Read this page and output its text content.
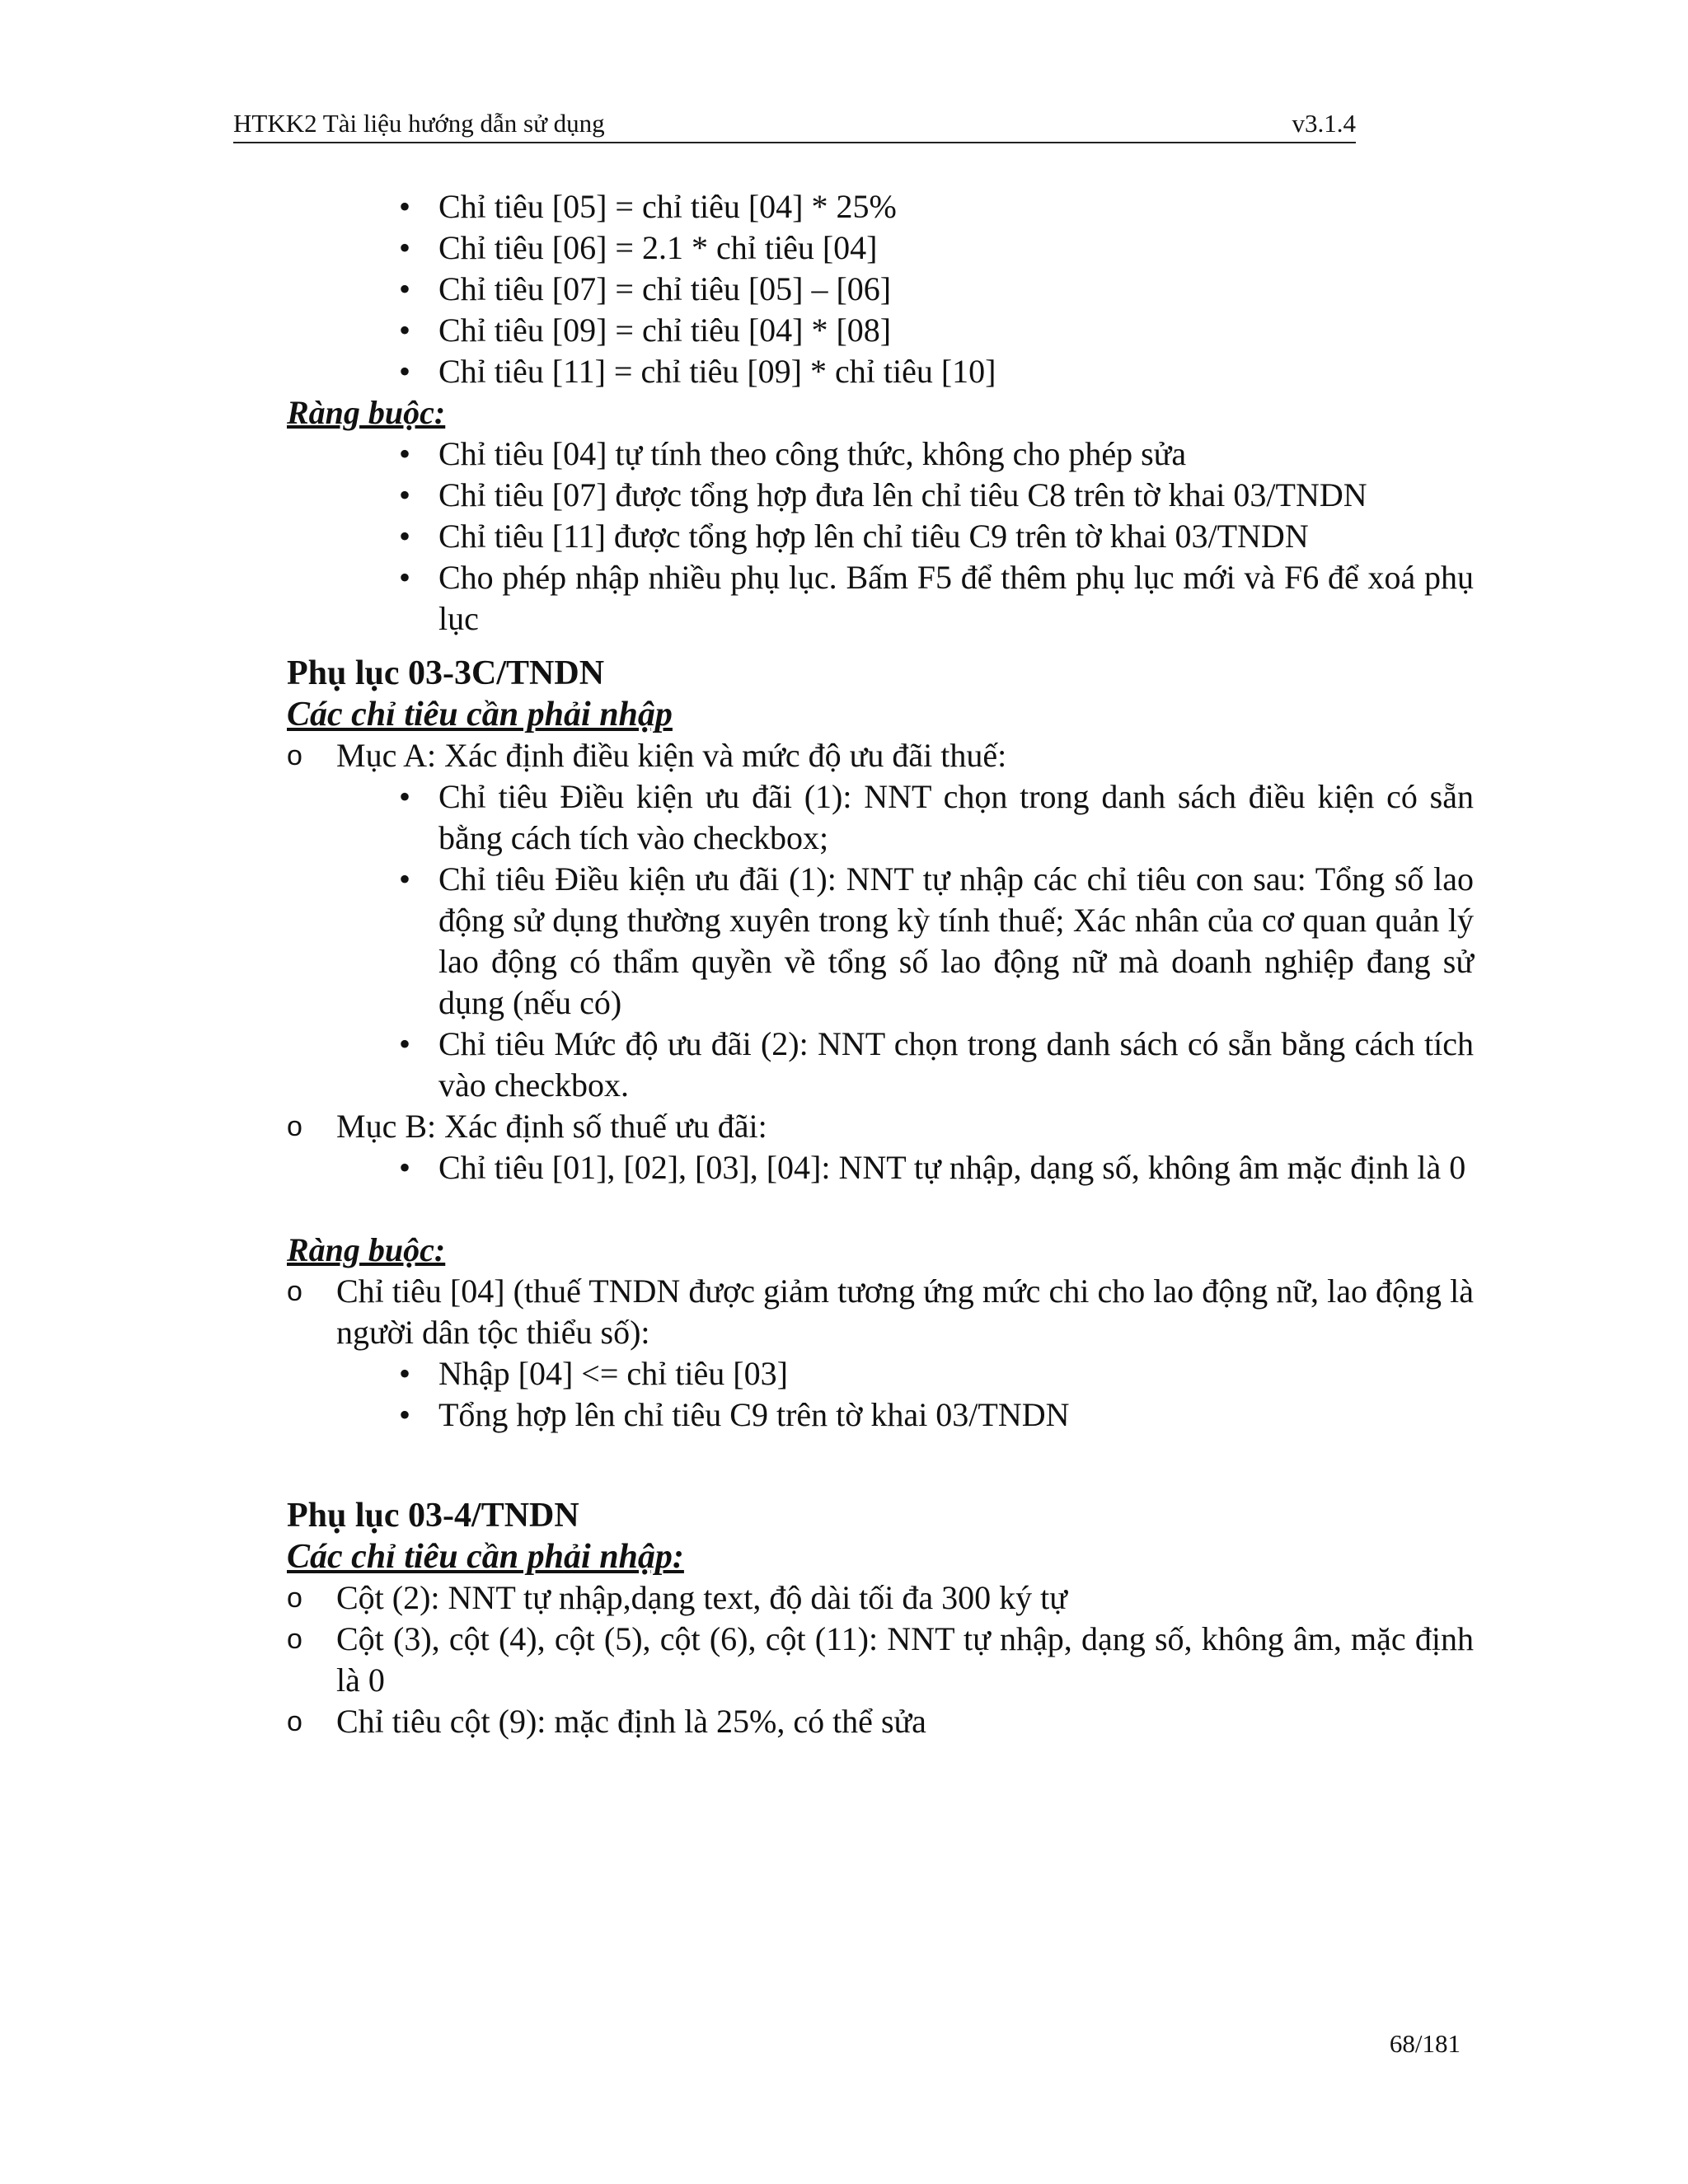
HTKK2 Tài liệu hướng dẫn sử dụng	v3.1.4
• Chỉ tiêu [05] = chỉ tiêu [04] * 25%
• Chỉ tiêu [06] = 2.1 * chỉ tiêu [04]
• Chỉ tiêu [07] = chỉ tiêu [05] – [06]
• Chỉ tiêu [09] = chỉ tiêu [04] * [08]
• Chỉ tiêu [11] = chỉ tiêu [09] * chỉ tiêu [10]
Ràng buộc:
• Chỉ tiêu [04] tự tính theo công thức, không cho phép sửa
• Chỉ tiêu [07] được tổng hợp đưa lên chỉ tiêu C8 trên tờ khai 03/TNDN
• Chỉ tiêu [11] được tổng hợp lên chỉ tiêu C9 trên tờ khai 03/TNDN
• Cho phép nhập nhiều phụ lục. Bấm F5 để thêm phụ lục mới và F6 để xoá phụ lục
Phụ lục 03-3C/TNDN
Các chỉ tiêu cần phải nhập
o Mục A: Xác định điều kiện và mức độ ưu đãi thuế:
• Chỉ tiêu Điều kiện ưu đãi (1): NNT chọn trong danh sách điều kiện có sẵn bằng cách tích vào checkbox;
• Chỉ tiêu Điều kiện ưu đãi (1): NNT tự nhập các chỉ tiêu con sau: Tổng số lao động sử dụng thường xuyên trong kỳ tính thuế; Xác nhân của cơ quan quản lý lao động có thẩm quyền về tổng số lao động nữ mà doanh nghiệp đang sử dụng (nếu có)
• Chỉ tiêu Mức độ ưu đãi (2): NNT chọn trong danh sách có sẵn bằng cách tích vào checkbox.
o Mục B: Xác định số thuế ưu đãi:
• Chỉ tiêu [01], [02], [03], [04]: NNT tự nhập, dạng số, không âm mặc định là 0
Ràng buộc:
o Chỉ tiêu [04] (thuế TNDN được giảm tương ứng mức chi cho lao động nữ, lao động là người dân tộc thiểu số):
• Nhập [04] <= chỉ tiêu [03]
• Tổng hợp lên chỉ tiêu C9 trên tờ khai 03/TNDN
Phụ lục 03-4/TNDN
Các chỉ tiêu cần phải nhập:
o Cột (2): NNT tự nhập,dạng text, độ dài tối đa 300 ký tự
o Cột (3), cột (4), cột (5), cột (6), cột (11): NNT tự nhập, dạng số, không âm, mặc định là 0
o Chỉ tiêu cột (9): mặc định là 25%, có thể sửa
68/181
